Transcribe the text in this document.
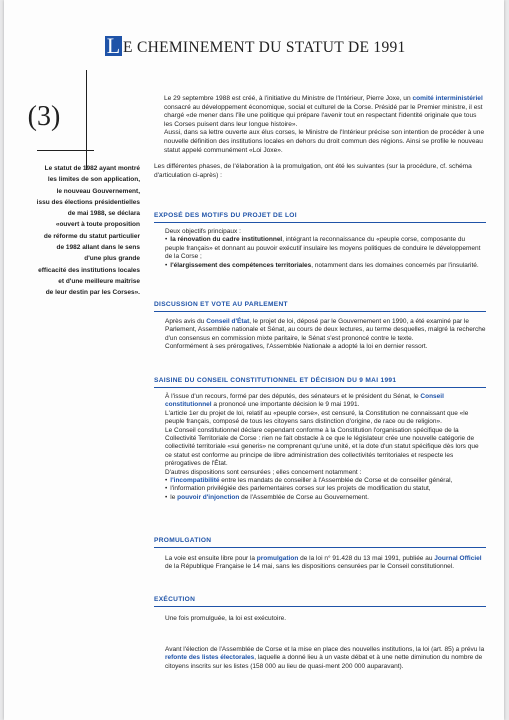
L E CHEMINEMENT DU STATUT DE 1991
(3)
Le statut de 1982 ayant montré
les limites de son application,
le nouveau Gouvernement,
issu des élections présidentielles
de mai 1988, se déclara
«ouvert à toute proposition
de réforme du statut particulier
de 1982 allant dans le sens
d'une plus grande
efficacité des institutions locales
et d'une meilleure maîtrise
de leur destin par les Corses».

Le 29 septembre 1988 est créé, à l'initiative du Ministre de l'Intérieur, Pierre Joxe, un comité interministériel consacré au développement économique, social et culturel de la Corse. Présidé par le Premier ministre, il est chargé «de mener dans l'île une politique qui prépare l'avenir tout en respectant l'identité originale que tous les Corses puisent dans leur longue histoire».

Aussi, dans sa lettre ouverte aux élus corses, le Ministre de l'Intérieur précise son intention de procéder à une nouvelle définition des institutions locales en dehors du droit commun des régions. Ainsi se profile le nouveau statut appelé communément «Loi Joxe».

Les différentes phases, de l'élaboration à la promulgation, ont été les suivantes (sur la procédure, cf. schéma d'articulation ci-après) :

EXPOSÉ DES MOTIFS DU PROJET DE LOI
Deux objectifs principaux :
• la rénovation du cadre institutionnel, intégrant la reconnaissance du «peuple corse, composante du peuple français» et donnant au pouvoir exécutif insulaire les moyens politiques de conduire le développement de la Corse ;
• l'élargissement des compétences territoriales, notamment dans les domaines concernés par l'insularité.
DISCUSSION ET VOTE AU PARLEMENT
Après avis du Conseil d'État, le projet de loi, déposé par le Gouvernement en 1990, a été examiné par le Parlement, Assemblée nationale et Sénat, au cours de deux lectures, au terme desquelles, malgré la recherche d'un consensus en commission mixte paritaire, le Sénat s'est prononcé contre le texte.
Conformément à ses prérogatives, l'Assemblée Nationale a adopté la loi en dernier ressort.
SAISINE DU CONSEIL CONSTITUTIONNEL ET DÉCISION DU 9 MAI 1991
À l'issue d'un recours, formé par des députés, des sénateurs et le président du Sénat, le Conseil constitutionnel a prononcé une importante décision le 9 mai 1991.
L'article 1er du projet de loi, relatif au «peuple corse», est censuré, la Constitution ne connaissant que «le peuple français, composé de tous les citoyens sans distinction d'origine, de race ou de religion».
Le Conseil constitutionnel déclare cependant conforme à la Constitution l'organisation spécifique de la Collectivité Territoriale de Corse : rien ne fait obstacle à ce que le législateur crée une nouvelle catégorie de collectivité territoriale «sui generis» ne comprenant qu'une unité, et la dote d'un statut spécifique dès lors que ce statut est conforme au principe de libre administration des collectivités territoriales et respecte les prérogatives de l'État.
D'autres dispositions sont censurées ; elles concernent notamment :
• l'incompatibilité entre les mandats de conseiller à l'Assemblée de Corse et de conseiller général,
• l'information privilégiée des parlementaires corses sur les projets de modification du statut,
• le pouvoir d'injonction de l'Assemblée de Corse au Gouvernement.
PROMULGATION
La voie est ensuite libre pour la promulgation de la loi n° 91.428 du 13 mai 1991, publiée au Journal Officiel de la République Française le 14 mai, sans les dispositions censurées par le Conseil constitutionnel.
EXÉCUTION
Une fois promulguée, la loi est exécutoire.
Avant l'élection de l'Assemblée de Corse et la mise en place des nouvelles institutions, la loi (art. 85) a prévu la refonte des listes électorales, laquelle a donné lieu à un vaste débat et à une nette diminution du nombre de citoyens inscrits sur les listes (158 000 au lieu de quasi-ment 200 000 auparavant).
